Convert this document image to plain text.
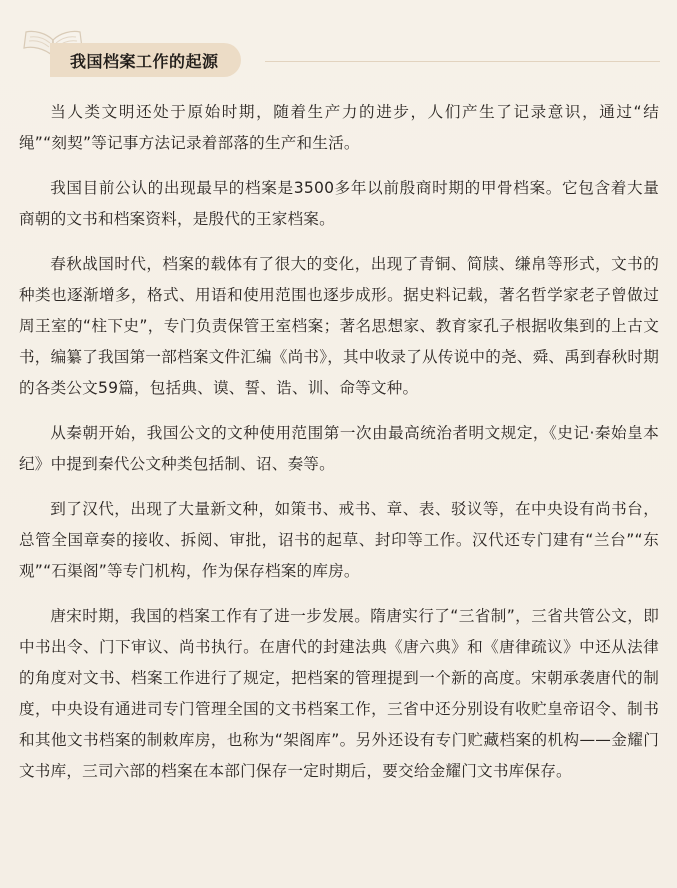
我国档案工作的起源

当人类文明还处于原始时期，随着生产力的进步，人们产生了记录意识，通过“结绳”“刻契”等记事方法记录着部落的生产和生活。

我国目前公认的出现最早的档案是3500多年以前殷商时期的甲骨档案。它包含着大量商朝的文书和档案资料，是殷代的王家档案。

春秋战国时代，档案的载体有了很大的变化，出现了青铜、简牍、缣帛等形式，文书的种类也逐渐增多，格式、用语和使用范围也逐步成形。据史料记载，著名哲学家老子曾做过周王室的“柱下史”，专门负责保管王室档案；著名思想家、教育家孔子根据收集到的上古文书，编纂了我国第一部档案文件汇编《尚书》，其中收录了从传说中的尧、舜、禹到春秋时期的各类公文59篇，包括典、谟、誓、诰、训、命等文种。

从秦朝开始，我国公文的文种使用范围第一次由最高统治者明文规定，《史记·秦始皇本纪》中提到秦代公文种类包括制、诏、奏等。

到了汉代，出现了大量新文种，如策书、戒书、章、表、驳议等，在中央设有尚书台，总管全国章奏的接收、拆阅、审批，诏书的起草、封印等工作。汉代还专门建有“兰台”“东观”“石渠阁”等专门机构，作为保存档案的库房。

唐宋时期，我国的档案工作有了进一步发展。隋唐实行了“三省制”，三省共管公文，即中书出令、门下审议、尚书执行。在唐代的封建法典《唐六典》和《唐律疏议》中还从法律的角度对文书、档案工作进行了规定，把档案的管理提到一个新的高度。宋朝承袭唐代的制度，中央设有通进司专门管理全国的文书档案工作，三省中还分别设有收贮皇帝诏令、制书和其他文书档案的制敕库房，也称为“架阁库”。另外还设有专门贮藏档案的机构——金耀门文书库，三司六部的档案在本部门保存一定时期后，要交给金耀门文书库保存。
